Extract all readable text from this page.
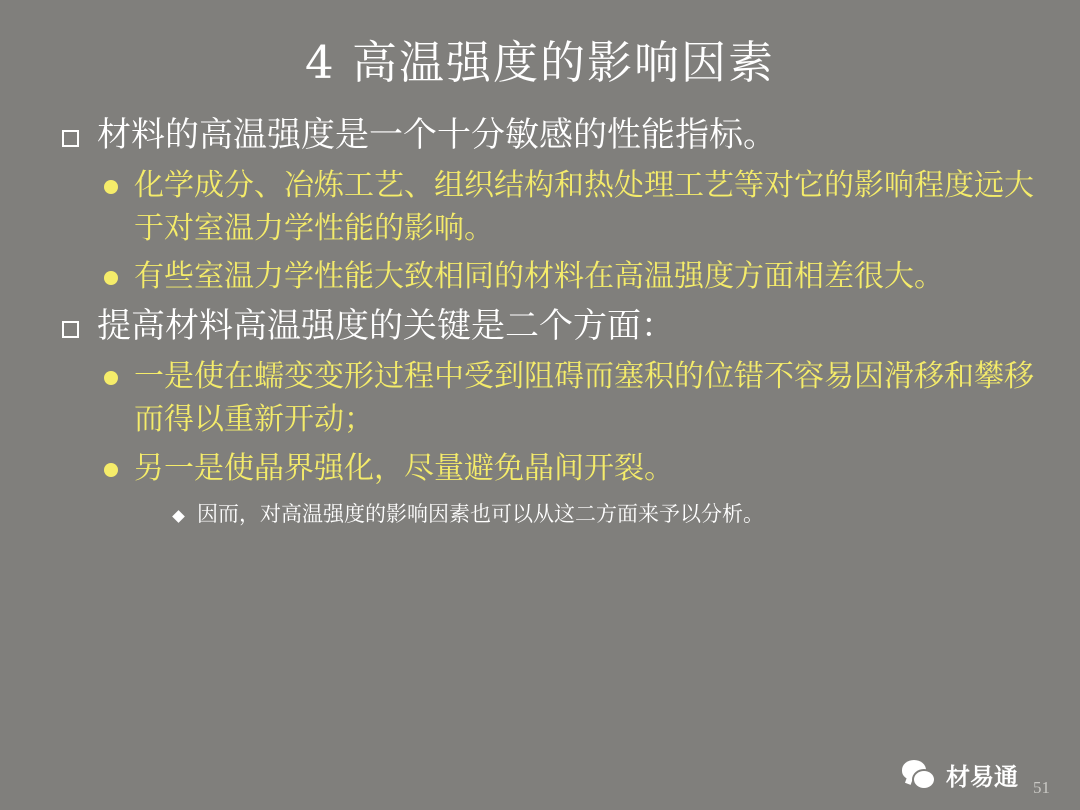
4 高温强度的影响因素
材料的高温强度是一个十分敏感的性能指标。
化学成分、冶炼工艺、组织结构和热处理工艺等对它的影响程度远大于对室温力学性能的影响。
有些室温力学性能大致相同的材料在高温强度方面相差很大。
提高材料高温强度的关键是二个方面：
一是使在蠕变变形过程中受到阻碍而塞积的位错不容易因滑移和攀移而得以重新开动；
另一是使晶界强化，尽量避免晶间开裂。
因而，对高温强度的影响因素也可以从这二方面来予以分析。
材易通 51
